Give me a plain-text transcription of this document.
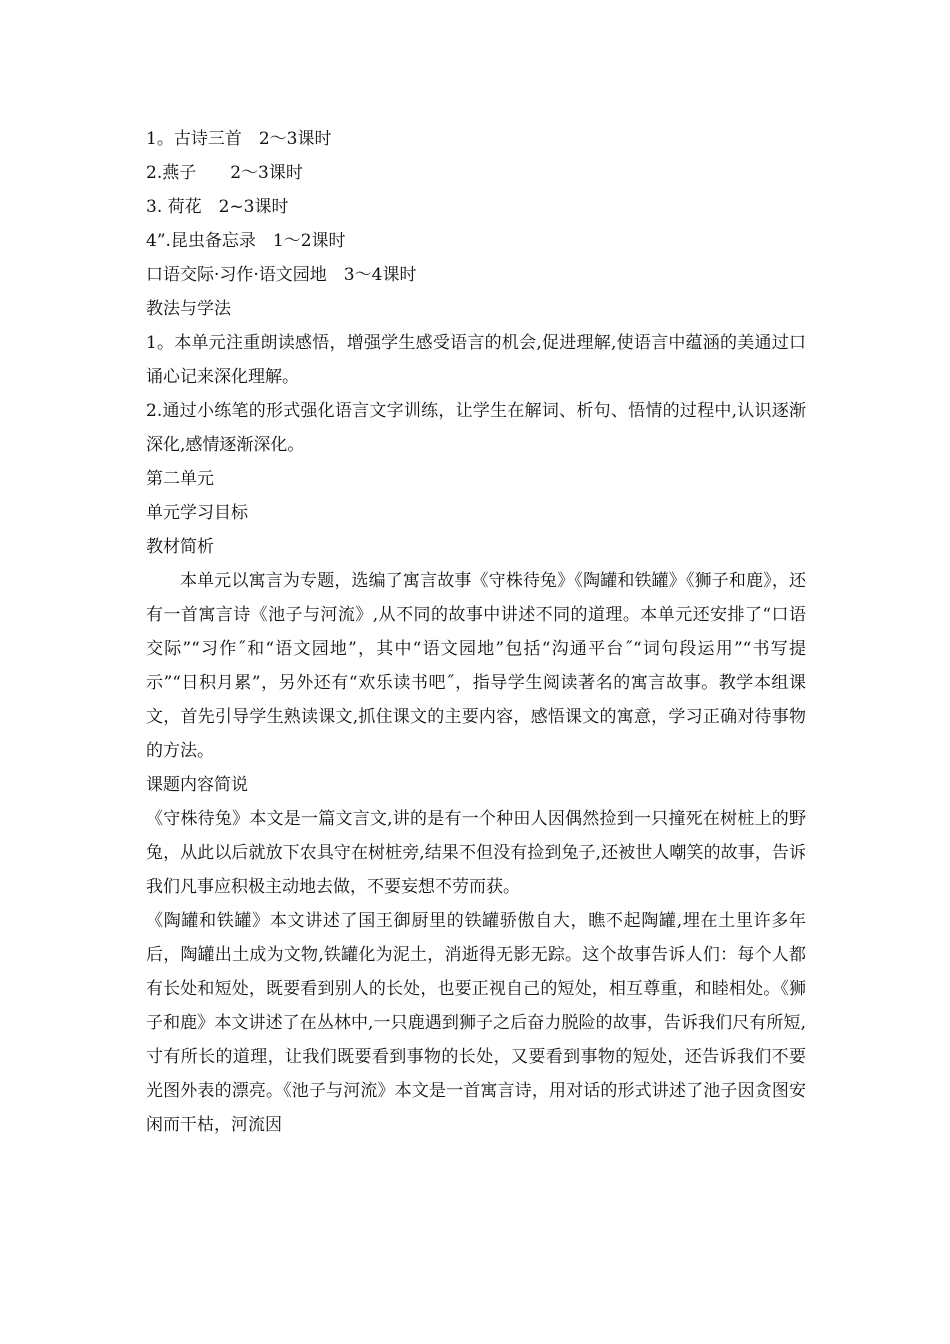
1。古诗三首　2～3课时
2.燕子　　2～3课时
3. 荷花　2~3课时
4”.昆虫备忘录　1～2课时
口语交际·习作·语文园地　3～4课时
教法与学法

1。本单元注重朗读感悟，增强学生感受语言的机会,促进理解,使语言中蕴涵的美通过口诵心记来深化理解。

2.通过小练笔的形式强化语言文字训练，让学生在解词、析句、悟情的过程中,认识逐渐深化,感情逐渐深化。

第二单元
单元学习目标
教材简析

本单元以寓言为专题，选编了寓言故事《守株待兔》《陶罐和铁罐》《狮子和鹿》，还有一首寓言诗《池子与河流》,从不同的故事中讲述不同的道理。本单元还安排了“口语交际”“习作˝和“语文园地”，其中“语文园地”包括“沟通平台˝“词句段运用”“书写提示”“日积月累”，另外还有“欢乐读书吧˝，指导学生阅读著名的寓言故事。教学本组课文，首先引导学生熟读课文,抓住课文的主要内容，感悟课文的寓意，学习正确对待事物的方法。

课题内容简说

《守株待兔》本文是一篇文言文,讲的是有一个种田人因偶然捡到一只撞死在树桩上的野兔，从此以后就放下农具守在树桩旁,结果不但没有捡到兔子,还被世人嘲笑的故事，告诉我们凡事应积极主动地去做，不要妄想不劳而获。

《陶罐和铁罐》本文讲述了国王御厨里的铁罐骄傲自大，瞧不起陶罐,埋在土里许多年后，陶罐出土成为文物,铁罐化为泥土，消逝得无影无踪。这个故事告诉人们：每个人都有长处和短处，既要看到别人的长处，也要正视自己的短处，相互尊重，和睦相处。《狮子和鹿》本文讲述了在丛林中,一只鹿遇到狮子之后奋力脱险的故事，告诉我们尺有所短,寸有所长的道理，让我们既要看到事物的长处，又要看到事物的短处，还告诉我们不要光图外表的漂亮。《池子与河流》本文是一首寓言诗，用对话的形式讲述了池子因贪图安闲而干枯，河流因
